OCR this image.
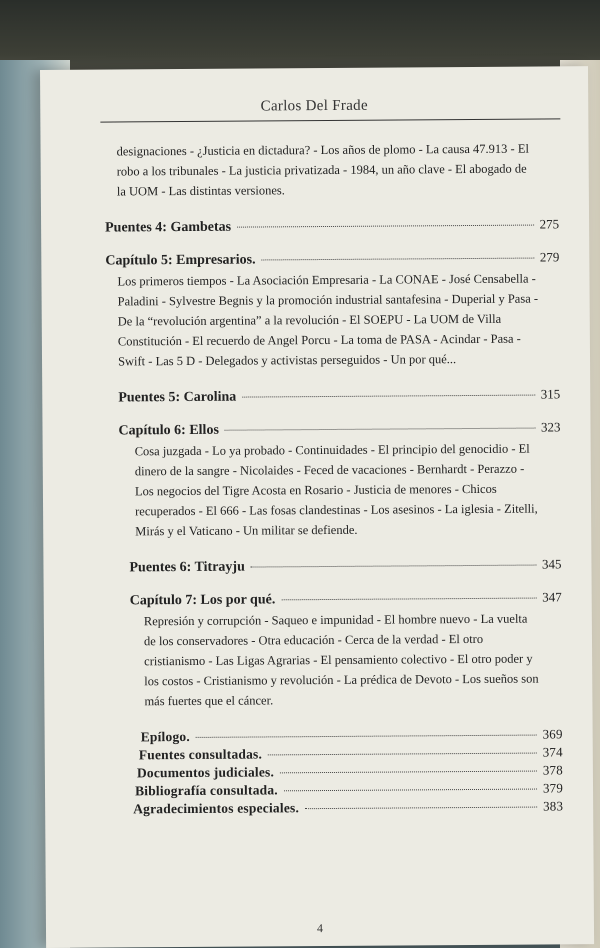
Carlos Del Frade
designaciones - ¿Justicia en dictadura? - Los años de plomo - La causa 47.913 - El robo a los tribunales - La justicia privatizada - 1984, un año clave - El abogado de la UOM - Las distintas versiones.
Puentes 4: Gambetas	275
Capítulo 5: Empresarios.	279
Los primeros tiempos - La Asociación Empresaria - La CONAE - José Censabella - Paladini - Sylvestre Begnis y la promoción industrial santafesina - Duperial y Pasa - De la “revolución argentina” a la revolución - El SOEPU - La UOM de Villa Constitución - El recuerdo de Angel Porcu - La toma de PASA - Acindar - Pasa - Swift - Las 5 D - Delegados y activistas perseguidos - Un por qué...
Puentes 5: Carolina	315
Capítulo 6: Ellos	323
Cosa juzgada - Lo ya probado - Continuidades - El principio del genocidio - El dinero de la sangre - Nicolaides - Feced de vacaciones - Bernhardt - Perazzo - Los negocios del Tigre Acosta en Rosario - Justicia de menores - Chicos recuperados - El 666 - Las fosas clandestinas - Los asesinos - La iglesia - Zitelli, Mirás y el Vaticano - Un militar se defiende.
Puentes 6: Titrayju	345
Capítulo 7: Los por qué.	347
Represión y corrupción - Saqueo e impunidad - El hombre nuevo - La vuelta de los conservadores - Otra educación - Cerca de la verdad - El otro cristianismo - Las Ligas Agrarias - El pensamiento colectivo - El otro poder y los costos - Cristianismo y revolución - La prédica de Devoto - Los sueños son más fuertes que el cáncer.
Epílogo.	369
Fuentes consultadas.	374
Documentos judiciales.	378
Bibliografía consultada.	379
Agradecimientos especiales.	383
4
